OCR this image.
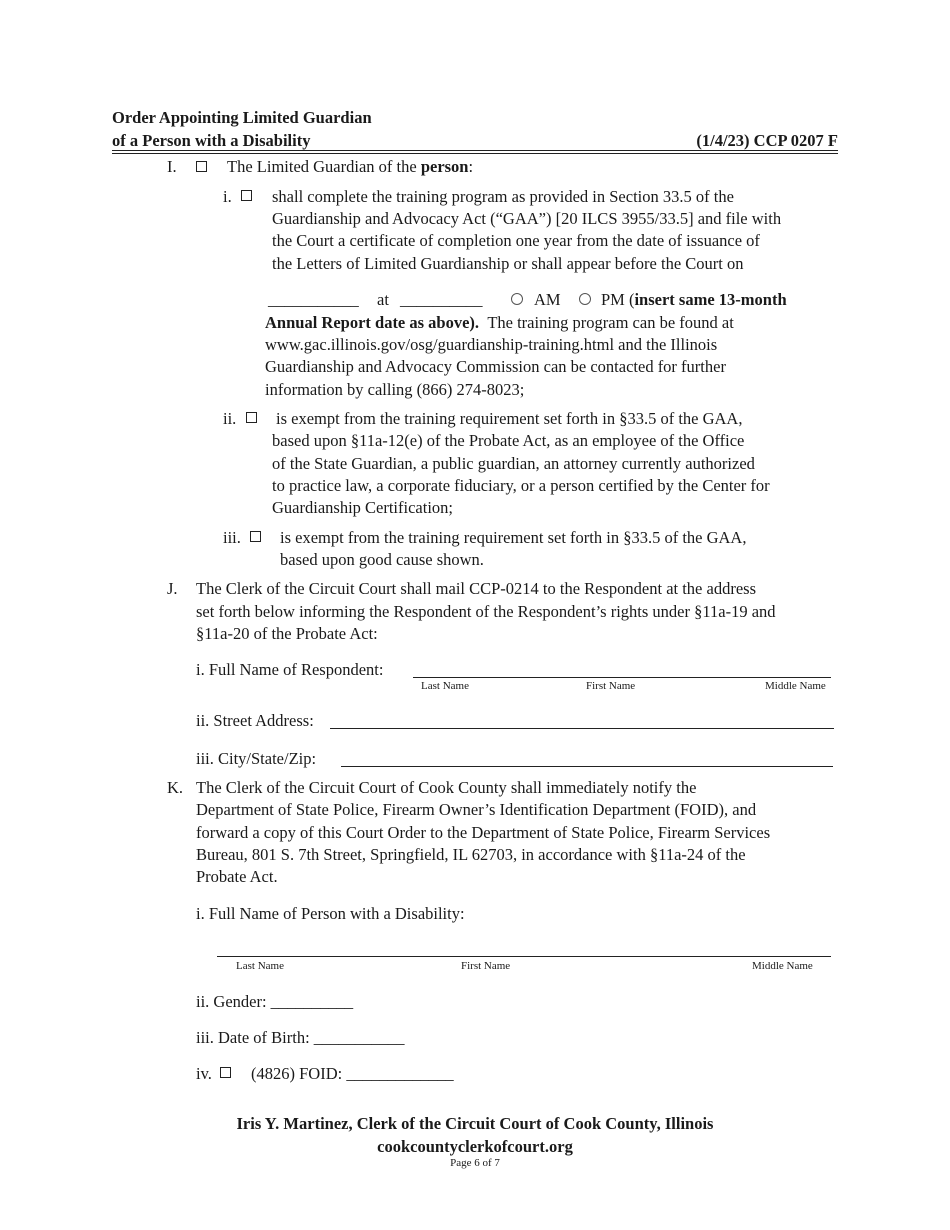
Order Appointing Limited Guardian
of a Person with a Disability	(1/4/23) CCP 0207 F
I.	The Limited Guardian of the person:
i. shall complete the training program as provided in Section 33.5 of the
Guardianship and Advocacy Act (“GAA”) [20 ILCS 3955/33.5] and file with
the Court a certificate of completion one year from the date of issuance of
the Letters of Limited Guardianship or shall appear before the Court on
___________ at __________	AM PM (insert same 13-month
Annual Report date as above). The training program can be found at
www.gac.illinois.gov/osg/guardianship-training.html and the Illinois
Guardianship and Advocacy Commission can be contacted for further
information by calling (866) 274-8023;
ii. is exempt from the training requirement set forth in §33.5 of the GAA,
based upon §11a-12(e) of the Probate Act, as an employee of the Office
of the State Guardian, a public guardian, an attorney currently authorized
to practice law, a corporate fiduciary, or a person certified by the Center for
Guardianship Certification;
iii. is exempt from the training requirement set forth in §33.5 of the GAA,
based upon good cause shown.
J. The Clerk of the Circuit Court shall mail CCP-0214 to the Respondent at the address
set forth below informing the Respondent of the Respondent’s rights under §11a-19 and
§11a-20 of the Probate Act:
i. Full Name of Respondent:
Last Name	First Name	Middle Name
ii. Street Address:
iii. City/State/Zip:
K. The Clerk of the Circuit Court of Cook County shall immediately notify the
Department of State Police, Firearm Owner’s Identification Department (FOID), and
forward a copy of this Court Order to the Department of State Police, Firearm Services
Bureau, 801 S. 7th Street, Springfield, IL 62703, in accordance with §11a-24 of the
Probate Act.
i. Full Name of Person with a Disability:
Last Name	First Name	Middle Name
ii. Gender: __________
iii. Date of Birth: ___________
iv. (4826) FOID: _____________
Iris Y. Martinez, Clerk of the Circuit Court of Cook County, Illinois
cookcountyclerkofcourt.org
Page 6 of 7
